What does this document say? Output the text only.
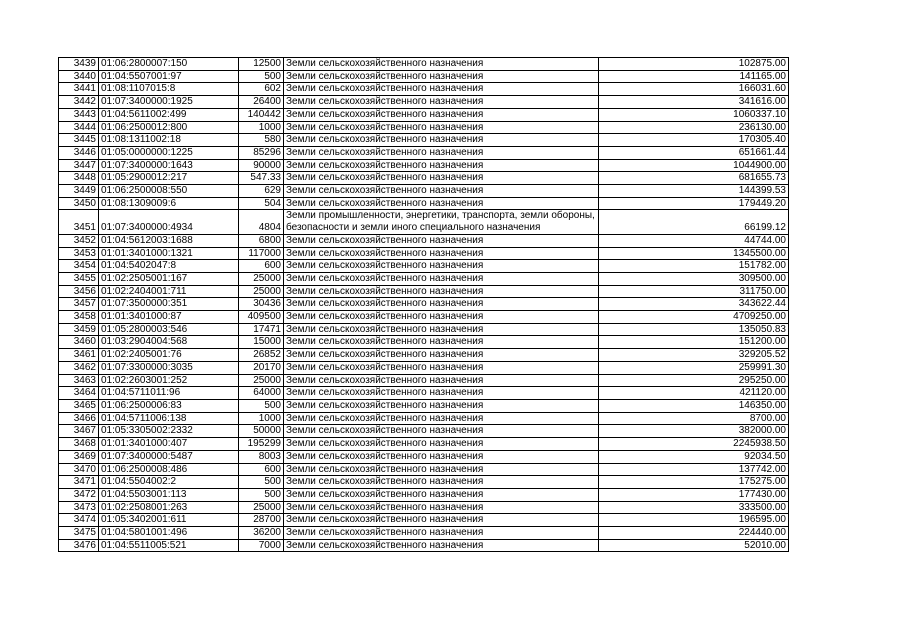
3439	01:06:2800007:150	12500	Земли сельскохозяйственного назначения	102875.00
3440	01:04:5507001:97	500	Земли сельскохозяйственного назначения	141165.00
3441	01:08:1107015:8	602	Земли сельскохозяйственного назначения	166031.60
3442	01:07:3400000:1925	26400	Земли сельскохозяйственного назначения	341616.00
3443	01:04:5611002:499	140442	Земли сельскохозяйственного назначения	1060337.10
3444	01:06:2500012:800	1000	Земли сельскохозяйственного назначения	236130.00
3445	01:08:1311002:18	580	Земли сельскохозяйственного назначения	170305.40
3446	01:05:0000000:1225	85296	Земли сельскохозяйственного назначения	651661.44
3447	01:07:3400000:1643	90000	Земли сельскохозяйственного назначения	1044900.00
3448	01:05:2900012:217	547.33	Земли сельскохозяйственного назначения	681655.73
3449	01:06:2500008:550	629	Земли сельскохозяйственного назначения	144399.53
3450	01:08:1309009:6	504	Земли сельскохозяйственного назначения	179449.20
3451	01:07:3400000:4934	4804	Земли промышленности, энергетики, транспорта, земли обороны, безопасности и земли иного специального назначения	66199.12
3452	01:04:5612003:1688	6800	Земли сельскохозяйственного назначения	44744.00
3453	01:01:3401000:1321	117000	Земли сельскохозяйственного назначения	1345500.00
3454	01:04:5402047:8	600	Земли сельскохозяйственного назначения	151782.00
3455	01:02:2505001:167	25000	Земли сельскохозяйственного назначения	309500.00
3456	01:02:2404001:711	25000	Земли сельскохозяйственного назначения	311750.00
3457	01:07:3500000:351	30436	Земли сельскохозяйственного назначения	343622.44
3458	01:01:3401000:87	409500	Земли сельскохозяйственного назначения	4709250.00
3459	01:05:2800003:546	17471	Земли сельскохозяйственного назначения	135050.83
3460	01:03:2904004:568	15000	Земли сельскохозяйственного назначения	151200.00
3461	01:02:2405001:76	26852	Земли сельскохозяйственного назначения	329205.52
3462	01:07:3300000:3035	20170	Земли сельскохозяйственного назначения	259991.30
3463	01:02:2603001:252	25000	Земли сельскохозяйственного назначения	295250.00
3464	01:04:5711011:96	64000	Земли сельскохозяйственного назначения	421120.00
3465	01:06:2500006:83	500	Земли сельскохозяйственного назначения	146350.00
3466	01:04:5711006:138	1000	Земли сельскохозяйственного назначения	8700.00
3467	01:05:3305002:2332	50000	Земли сельскохозяйственного назначения	382000.00
3468	01:01:3401000:407	195299	Земли сельскохозяйственного назначения	2245938.50
3469	01:07:3400000:5487	8003	Земли сельскохозяйственного назначения	92034.50
3470	01:06:2500008:486	600	Земли сельскохозяйственного назначения	137742.00
3471	01:04:5504002:2	500	Земли сельскохозяйственного назначения	175275.00
3472	01:04:5503001:113	500	Земли сельскохозяйственного назначения	177430.00
3473	01:02:2508001:263	25000	Земли сельскохозяйственного назначения	333500.00
3474	01:05:3402001:611	28700	Земли сельскохозяйственного назначения	196595.00
3475	01:04:5801001:496	36200	Земли сельскохозяйственного назначения	224440.00
3476	01:04:5511005:521	7000	Земли сельскохозяйственного назначения	52010.00
